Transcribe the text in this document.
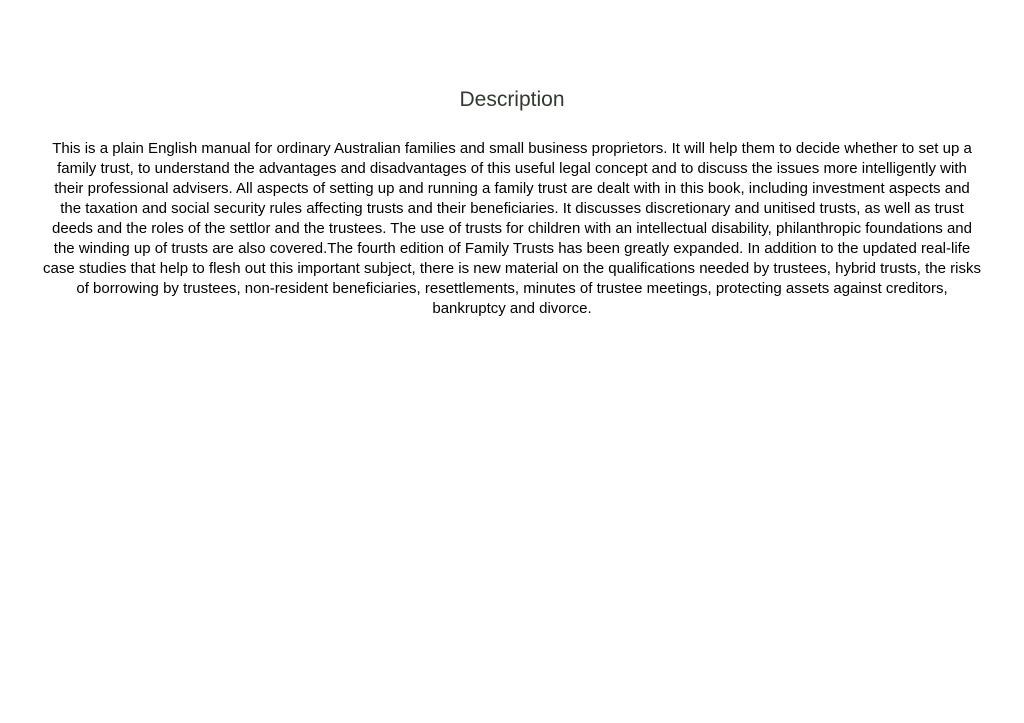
Description

This is a plain English manual for ordinary Australian families and small business proprietors. It will help them to decide whether to set up a family trust, to understand the advantages and disadvantages of this useful legal concept and to discuss the issues more intelligently with their professional advisers. All aspects of setting up and running a family trust are dealt with in this book, including investment aspects and the taxation and social security rules affecting trusts and their beneficiaries. It discusses discretionary and unitised trusts, as well as trust deeds and the roles of the settlor and the trustees. The use of trusts for children with an intellectual disability, philanthropic foundations and the winding up of trusts are also covered.The fourth edition of Family Trusts has been greatly expanded. In addition to the updated real-life case studies that help to flesh out this important subject, there is new material on the qualifications needed by trustees, hybrid trusts, the risks of borrowing by trustees, non-resident beneficiaries, resettlements, minutes of trustee meetings, protecting assets against creditors, bankruptcy and divorce.
